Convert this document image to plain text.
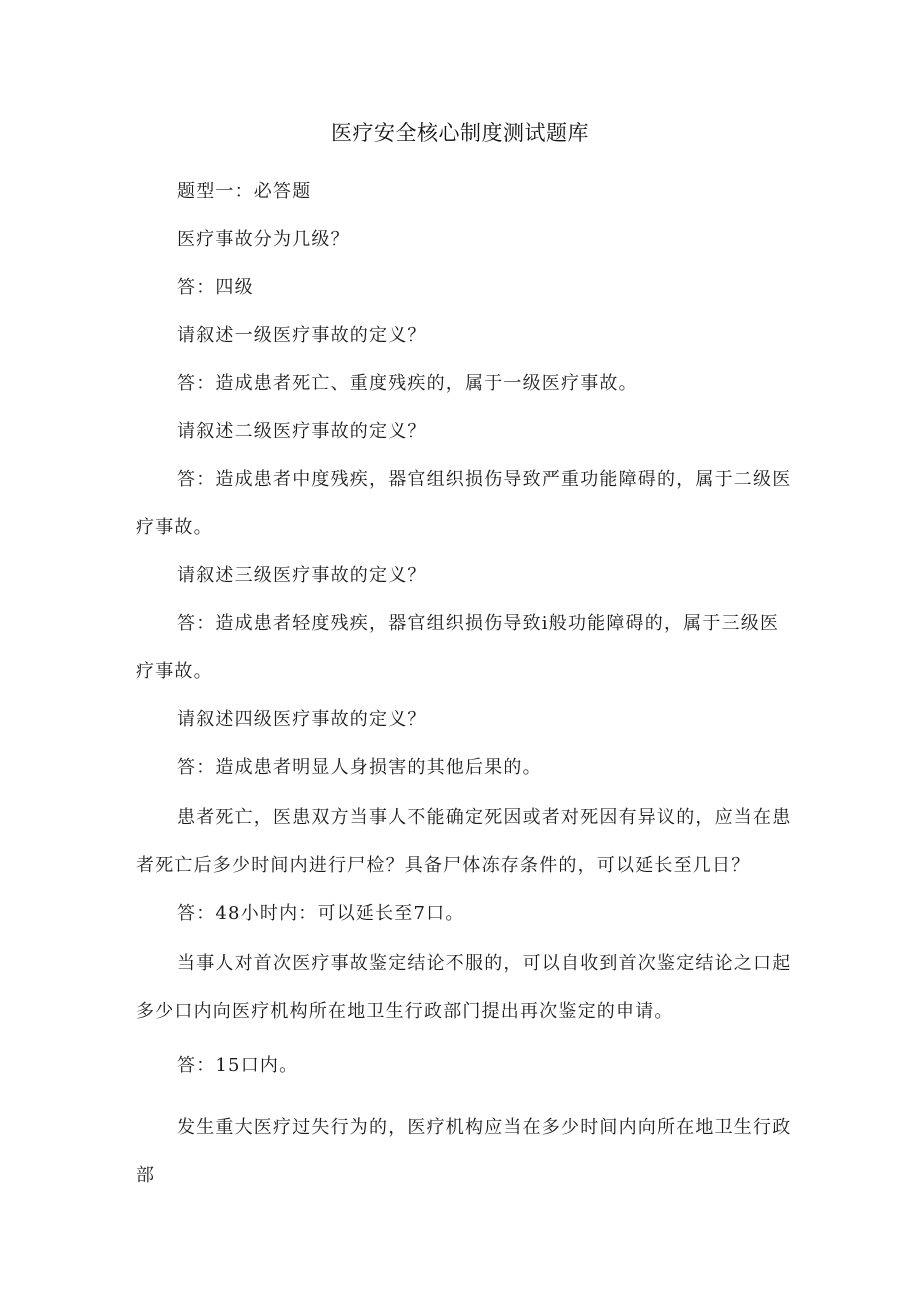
医疗安全核心制度测试题库

题型一：必答题

医疗事故分为几级？

答：四级

请叙述一级医疗事故的定义？

答：造成患者死亡、重度残疾的，属于一级医疗事故。

请叙述二级医疗事故的定义？

答：造成患者中度残疾，器官组织损伤导致严重功能障碍的，属于二级医疗事故。

请叙述三级医疗事故的定义？

答：造成患者轻度残疾，器官组织损伤导致i般功能障碍的，属于三级医疗事故。

请叙述四级医疗事故的定义？

答：造成患者明显人身损害的其他后果的。

患者死亡，医患双方当事人不能确定死因或者对死因有异议的，应当在患者死亡后多少时间内进行尸检？具备尸体冻存条件的，可以延长至几日？

答：48小时内：可以延长至7口。

当事人对首次医疗事故鉴定结论不服的，可以自收到首次鉴定结论之口起多少口内向医疗机构所在地卫生行政部门提出再次鉴定的申请。

答：15口内。

发生重大医疗过失行为的，医疗机构应当在多少时间内向所在地卫生行政部
